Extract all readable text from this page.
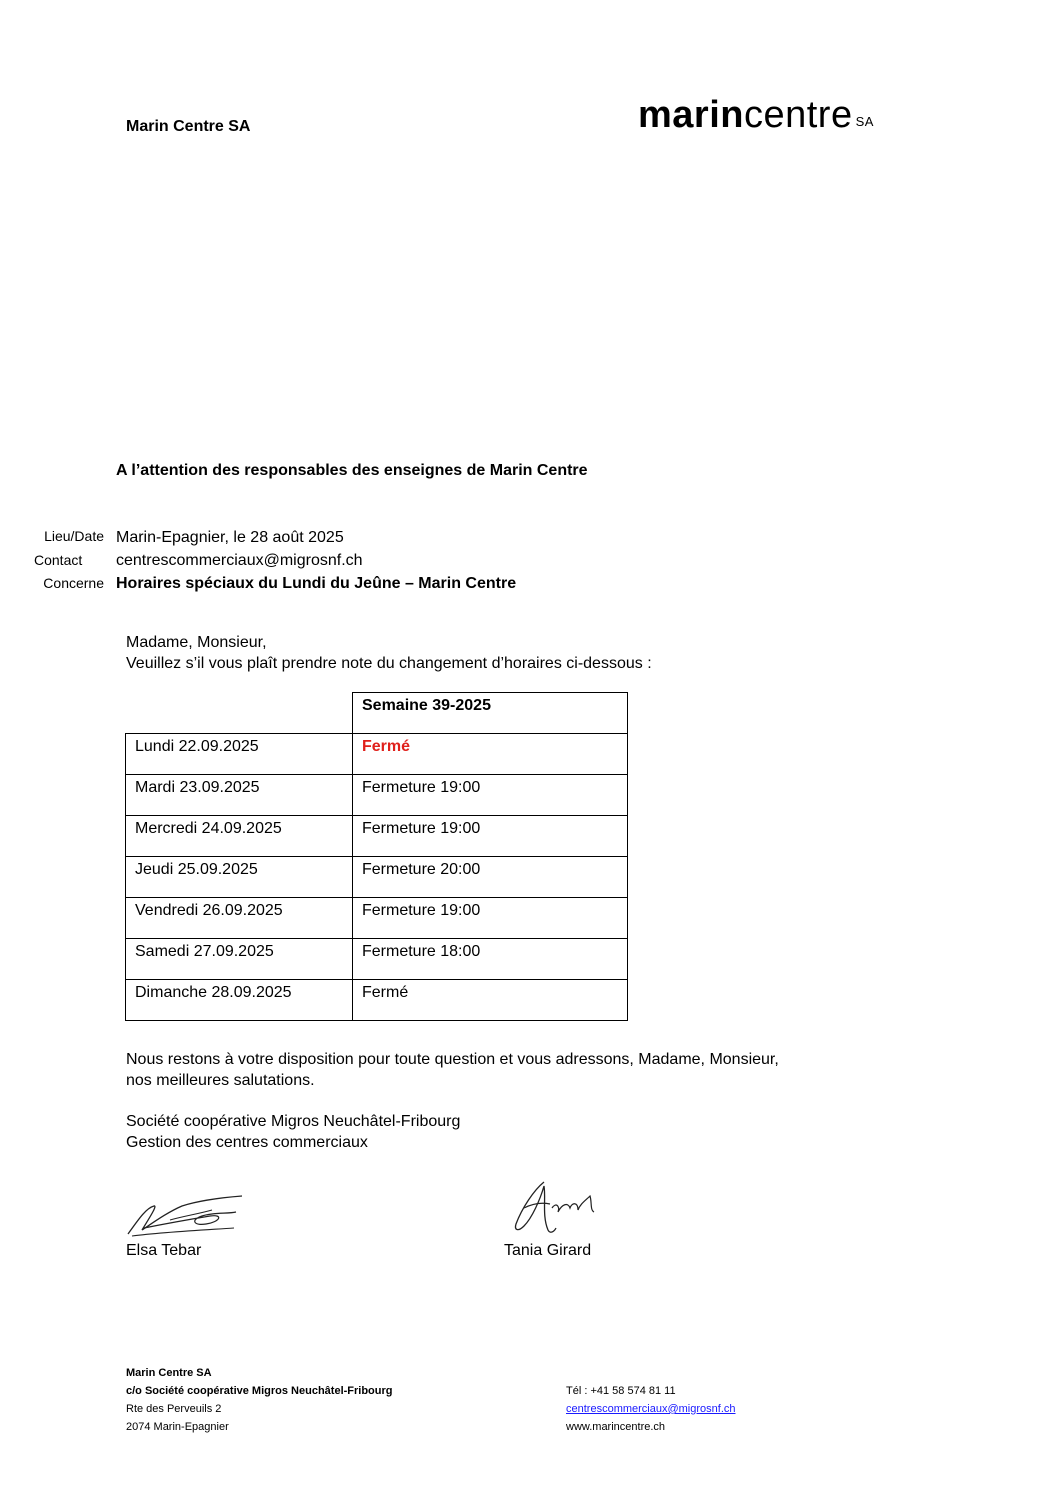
Marin Centre SA	marincentre SA
A l’attention des responsables des enseignes de Marin Centre
Lieu/Date Marin-Epagnier, le 28 août 2025
Contact	centrescommerciaux@migrosnf.ch
Concerne Horaires spéciaux du Lundi du Jeûne – Marin Centre
Madame, Monsieur,
Veuillez s’il vous plaît prendre note du changement d’horaires ci-dessous :
	Semaine 39-2025
Lundi 22.09.2025	Fermé
Mardi 23.09.2025	Fermeture 19:00
Mercredi 24.09.2025	Fermeture 19:00
Jeudi 25.09.2025	Fermeture 20:00
Vendredi 26.09.2025	Fermeture 19:00
Samedi 27.09.2025	Fermeture 18:00
Dimanche 28.09.2025	Fermé
Nous restons à votre disposition pour toute question et vous adressons, Madame, Monsieur,
nos meilleures salutations.
Société coopérative Migros Neuchâtel-Fribourg
Gestion des centres commerciaux
Elsa Tebar	Tania Girard
Marin Centre SA
c/o Société coopérative Migros Neuchâtel-Fribourg
Rte des Perveuils 2
2074 Marin-Epagnier
Tél : +41 58 574 81 11
centrescommerciaux@migrosnf.ch
www.marincentre.ch
